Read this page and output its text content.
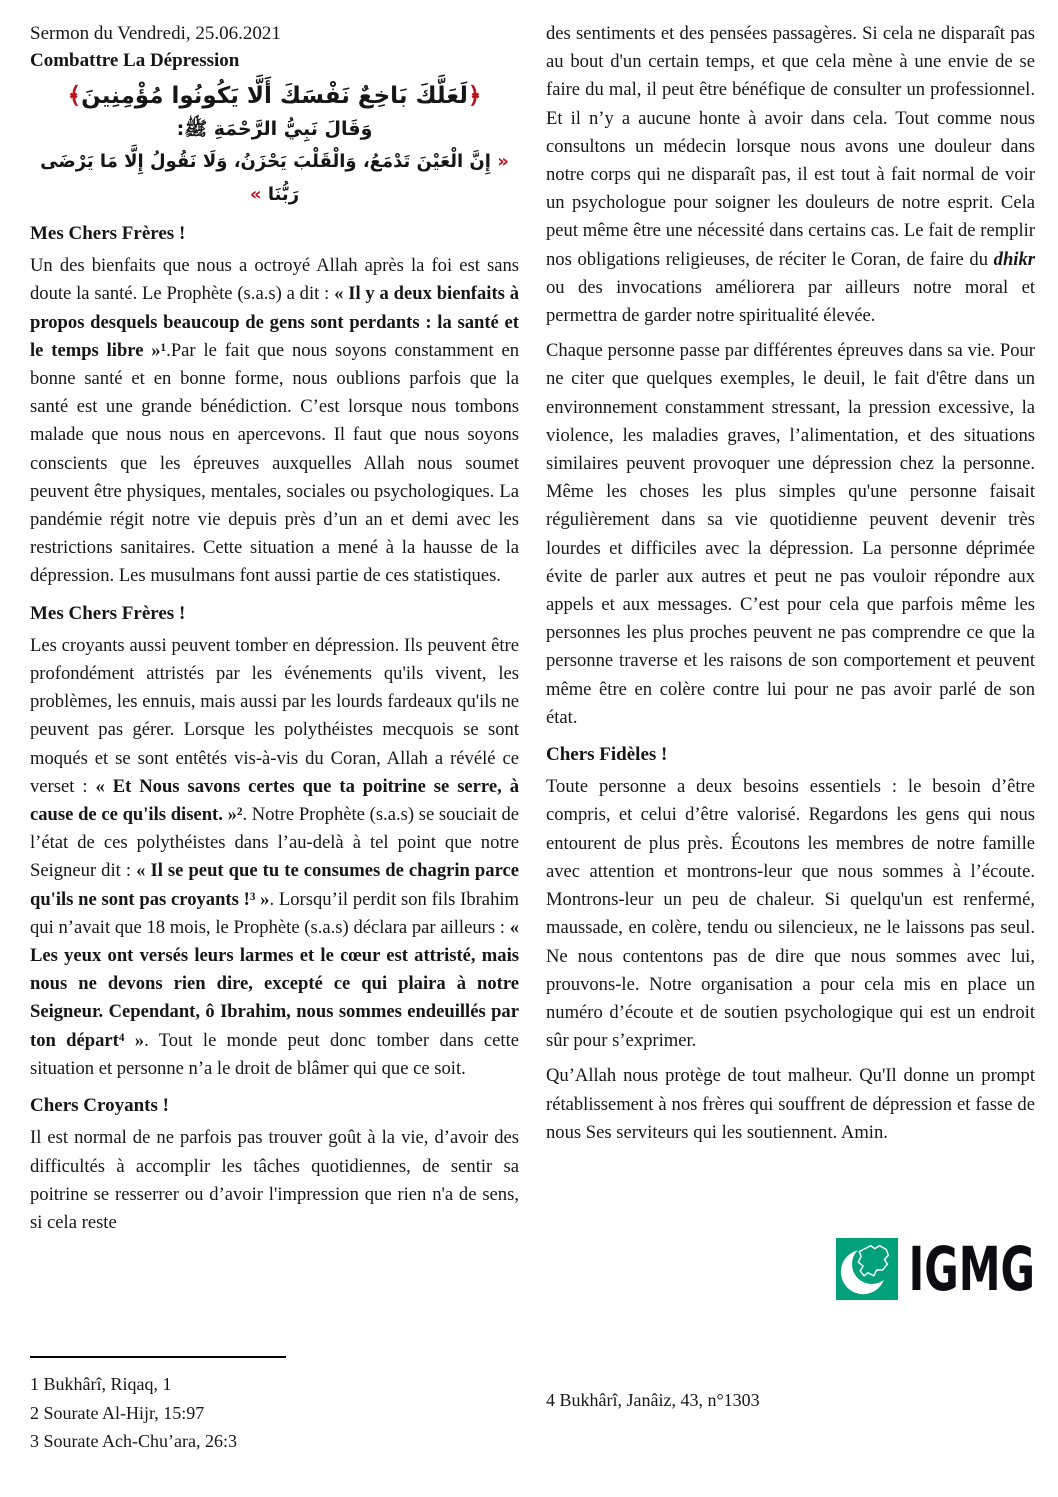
Sermon du Vendredi, 25.06.2021
Combattre La Dépression
﴿لَعَلَّكَ بَاخِعٌ نَفْسَكَ أَلَّا يَكُونُوا مُؤْمِنِينَ﴾
وَقَالَ نَبِيُّ الرَّحْمَةِ ﷺ:
« إِنَّ الْعَيْنَ تَدْمَعُ، وَالْقَلْبَ يَحْزَنُ، وَلَا نَقُولُ إِلَّا مَا يَرْضَى رَبُّنَا »
Mes Chers Frères !

Un des bienfaits que nous a octroyé Allah après la foi est sans doute la santé. Le Prophète (s.a.s) a dit : « Il y a deux bienfaits à propos desquels beaucoup de gens sont perdants : la santé et le temps libre »¹.Par le fait que nous soyons constamment en bonne santé et en bonne forme, nous oublions parfois que la santé est une grande bénédiction. C’est lorsque nous tombons malade que nous nous en apercevons. Il faut que nous soyons conscients que les épreuves auxquelles Allah nous soumet peuvent être physiques, mentales, sociales ou psychologiques. La pandémie régit notre vie depuis près d’un an et demi avec les restrictions sanitaires. Cette situation a mené à la hausse de la dépression. Les musulmans font aussi partie de ces statistiques.

Mes Chers Frères !

Les croyants aussi peuvent tomber en dépression. Ils peuvent être profondément attristés par les événements qu'ils vivent, les problèmes, les ennuis, mais aussi par les lourds fardeaux qu'ils ne peuvent pas gérer. Lorsque les polythéistes mecquois se sont moqués et se sont entêtés vis-à-vis du Coran, Allah a révélé ce verset : « Et Nous savons certes que ta poitrine se serre, à cause de ce qu'ils disent. »². Notre Prophète (s.a.s) se souciait de l’état de ces polythéistes dans l’au-delà à tel point que notre Seigneur dit : « Il se peut que tu te consumes de chagrin parce qu'ils ne sont pas croyants !³ ». Lorsqu’il perdit son fils Ibrahim qui n’avait que 18 mois, le Prophète (s.a.s) déclara par ailleurs : « Les yeux ont versés leurs larmes et le cœur est attristé, mais nous ne devons rien dire, excepté ce qui plaira à notre Seigneur. Cependant, ô Ibrahim, nous sommes endeuillés par ton départ⁴ ». Tout le monde peut donc tomber dans cette situation et personne n’a le droit de blâmer qui que ce soit.

Chers Croyants !

Il est normal de ne parfois pas trouver goût à la vie, d’avoir des difficultés à accomplir les tâches quotidiennes, de sentir sa poitrine se resserrer ou d’avoir l'impression que rien n'a de sens, si cela reste

des sentiments et des pensées passagères. Si cela ne disparaît pas au bout d'un certain temps, et que cela mène à une envie de se faire du mal, il peut être bénéfique de consulter un professionnel. Et il n’y a aucune honte à avoir dans cela. Tout comme nous consultons un médecin lorsque nous avons une douleur dans notre corps qui ne disparaît pas, il est tout à fait normal de voir un psychologue pour soigner les douleurs de notre esprit. Cela peut même être une nécessité dans certains cas. Le fait de remplir nos obligations religieuses, de réciter le Coran, de faire du dhikr ou des invocations améliorera par ailleurs notre moral et permettra de garder notre spiritualité élevée.

Chaque personne passe par différentes épreuves dans sa vie. Pour ne citer que quelques exemples, le deuil, le fait d'être dans un environnement constamment stressant, la pression excessive, la violence, les maladies graves, l’alimentation, et des situations similaires peuvent provoquer une dépression chez la personne. Même les choses les plus simples qu'une personne faisait régulièrement dans sa vie quotidienne peuvent devenir très lourdes et difficiles avec la dépression. La personne déprimée évite de parler aux autres et peut ne pas vouloir répondre aux appels et aux messages. C’est pour cela que parfois même les personnes les plus proches peuvent ne pas comprendre ce que la personne traverse et les raisons de son comportement et peuvent même être en colère contre lui pour ne pas avoir parlé de son état.

Chers Fidèles !

Toute personne a deux besoins essentiels : le besoin d’être compris, et celui d’être valorisé. Regardons les gens qui nous entourent de plus près. Écoutons les membres de notre famille avec attention et montrons-leur que nous sommes à l’écoute. Montrons-leur un peu de chaleur. Si quelqu'un est renfermé, maussade, en colère, tendu ou silencieux, ne le laissons pas seul. Ne nous contentons pas de dire que nous sommes avec lui, prouvons-le. Notre organisation a pour cela mis en place un numéro d’écoute et de soutien psychologique qui est un endroit sûr pour s’exprimer.

Qu’Allah nous protège de tout malheur. Qu'Il donne un prompt rétablissement à nos frères qui souffrent de dépression et fasse de nous Ses serviteurs qui les soutiennent. Amin.

IGMG
1 Bukhârî, Riqaq, 1
2 Sourate Al-Hijr, 15:97
3 Sourate Ach-Chu’ara, 26:3
4 Bukhârî, Janâiz, 43, n°1303
